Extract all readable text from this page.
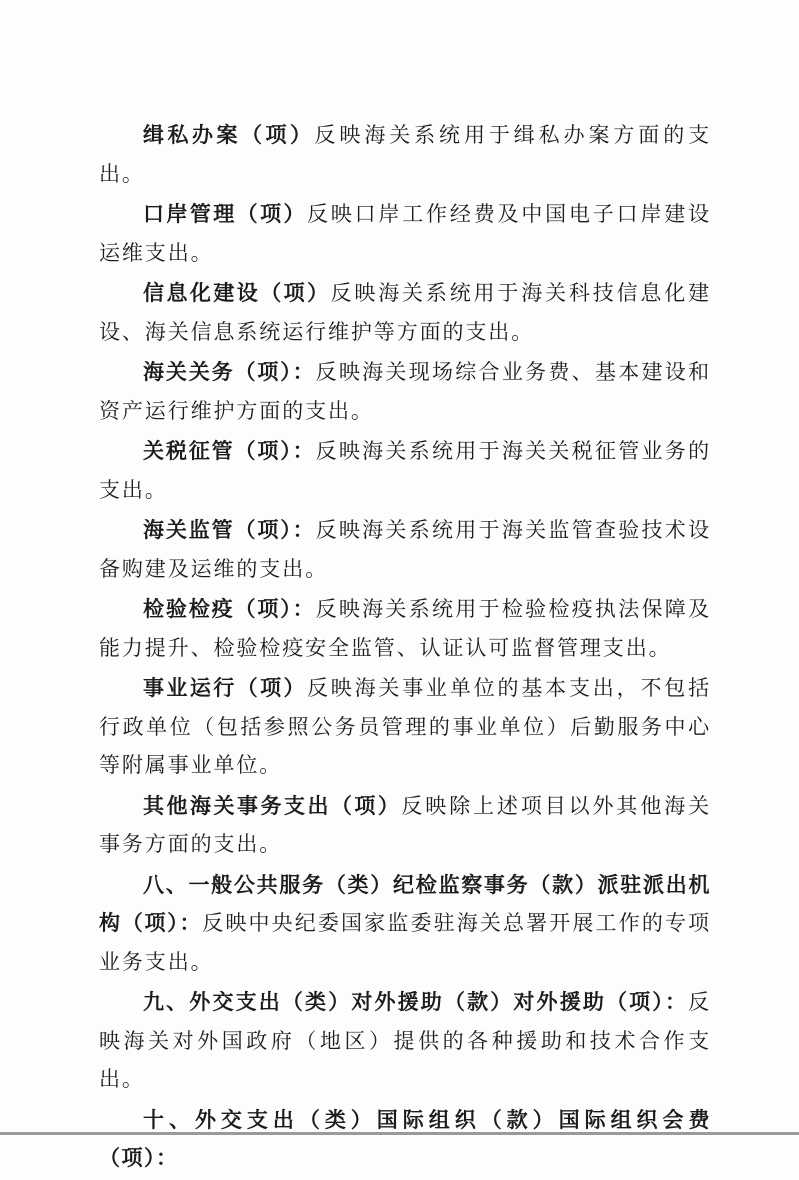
缉私办案（项）反映海关系统用于缉私办案方面的支出。

口岸管理（项）反映口岸工作经费及中国电子口岸建设运维支出。

信息化建设（项）反映海关系统用于海关科技信息化建设、海关信息系统运行维护等方面的支出。

海关关务（项）：反映海关现场综合业务费、基本建设和资产运行维护方面的支出。

关税征管（项）：反映海关系统用于海关关税征管业务的支出。

海关监管（项）：反映海关系统用于海关监管查验技术设备购建及运维的支出。

检验检疫（项）：反映海关系统用于检验检疫执法保障及能力提升、检验检疫安全监管、认证认可监督管理支出。

事业运行（项）反映海关事业单位的基本支出，不包括行政单位（包括参照公务员管理的事业单位）后勤服务中心等附属事业单位。

其他海关事务支出（项）反映除上述项目以外其他海关事务方面的支出。

八、一般公共服务（类）纪检监察事务（款）派驻派出机构（项）：反映中央纪委国家监委驻海关总署开展工作的专项业务支出。

九、外交支出（类）对外援助（款）对外援助（项）：反映海关对外国政府（地区）提供的各种援助和技术合作支出。

十、外交支出（类）国际组织（款）国际组织会费（项）：
